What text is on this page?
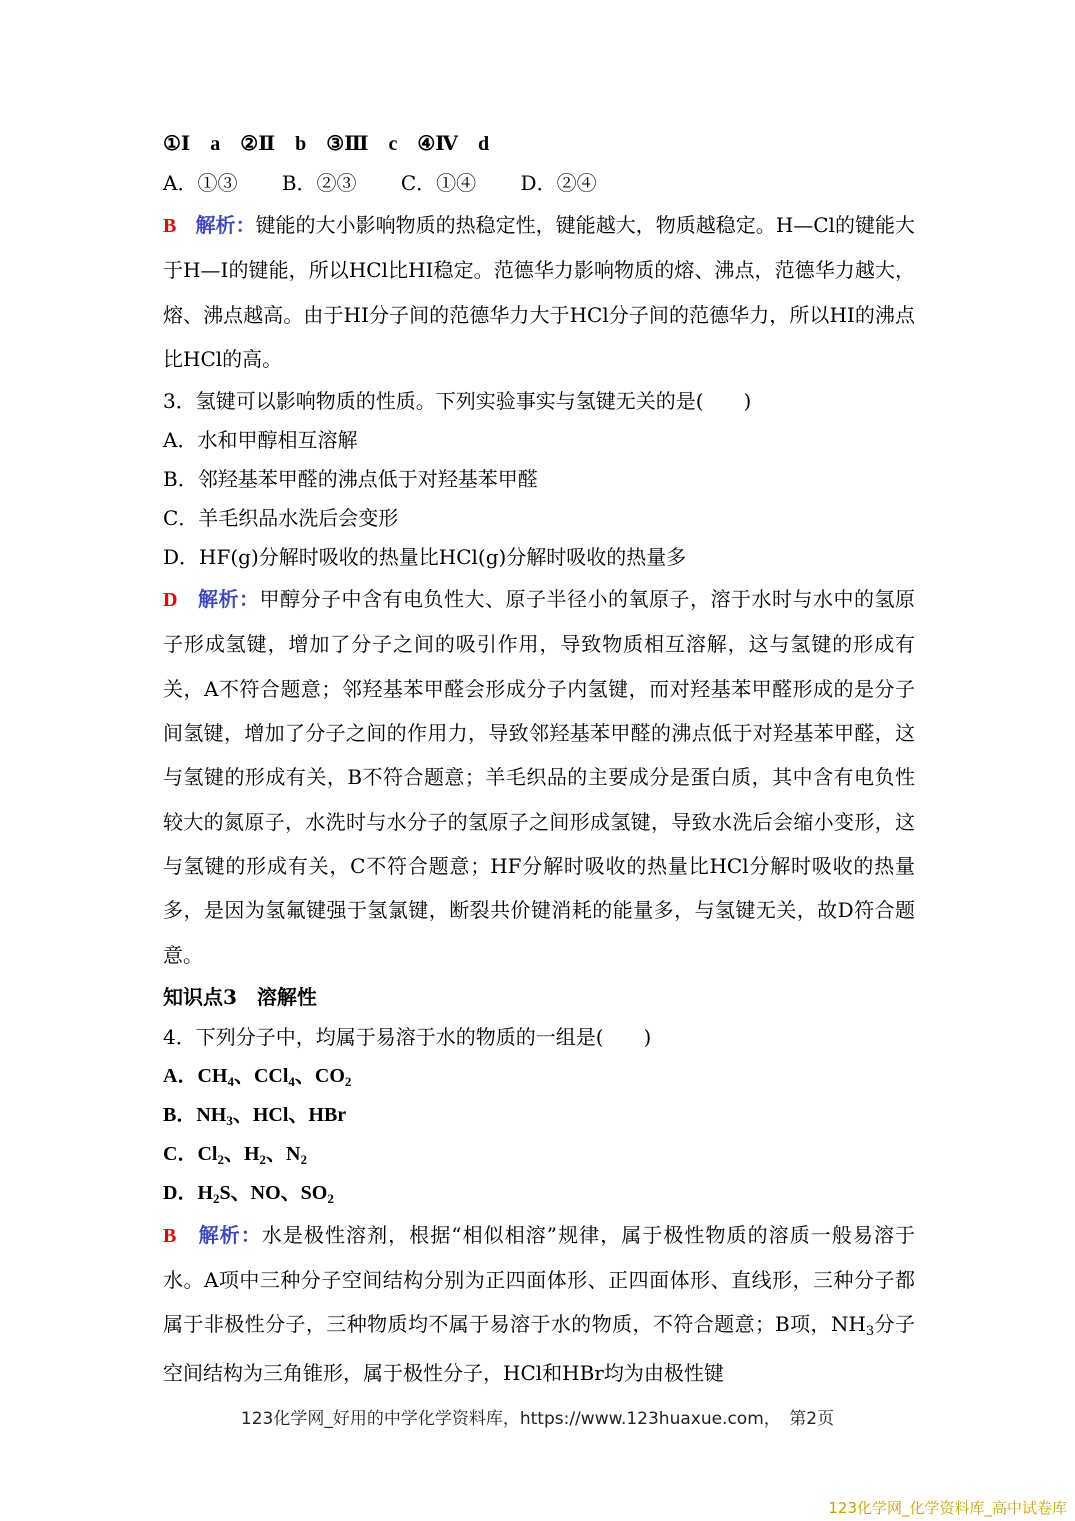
①Ⅰ　a　②Ⅱ　b　③Ⅲ　c　④Ⅳ　d
A．①③ B．②③ C．①④ D．②④
B 解析：键能的大小影响物质的热稳定性，键能越大，物质越稳定。H—Cl的键能大于H—I的键能，所以HCl比HI稳定。范德华力影响物质的熔、沸点，范德华力越大，熔、沸点越高。由于HI分子间的范德华力大于HCl分子间的范德华力，所以HI的沸点比HCl的高。
3．氢键可以影响物质的性质。下列实验事实与氢键无关的是(　　)
A．水和甲醇相互溶解
B．邻羟基苯甲醛的沸点低于对羟基苯甲醛
C．羊毛织品水洗后会变形
D．HF(g)分解时吸收的热量比HCl(g)分解时吸收的热量多
D 解析：甲醇分子中含有电负性大、原子半径小的氧原子，溶于水时与水中的氢原子形成氢键，增加了分子之间的吸引作用，导致物质相互溶解，这与氢键的形成有关，A不符合题意；邻羟基苯甲醛会形成分子内氢键，而对羟基苯甲醛形成的是分子间氢键，增加了分子之间的作用力，导致邻羟基苯甲醛的沸点低于对羟基苯甲醛，这与氢键的形成有关，B不符合题意；羊毛织品的主要成分是蛋白质，其中含有电负性较大的氮原子，水洗时与水分子的氢原子之间形成氢键，导致水洗后会缩小变形，这与氢键的形成有关，C不符合题意；HF分解时吸收的热量比HCl分解时吸收的热量多，是因为氢氟键强于氢氯键，断裂共价键消耗的能量多，与氢键无关，故D符合题意。
知识点3　溶解性
4．下列分子中，均属于易溶于水的物质的一组是(　　)
A．$CH_4$、CCl$_4$、$CO_2$
B．$NH_3$、HCl、HBr
C．$Cl_2$、$H_2$、$N_2$
D．$H_2S$、NO、$SO_2$
B 解析：水是极性溶剂，根据“相似相溶”规律，属于极性物质的溶质一般易溶于水。A项中三种分子空间结构分别为正四面体形、正四面体形、直线形，三种分子都属于非极性分子，三种物质均不属于易溶于水的物质，不符合题意；B项，$NH_3$分子空间结构为三角锥形，属于极性分子，HCl和HBr均为由极性键
123化学网_好用的中学化学资料库，https://www.123huaxue.com，　第2页
123化学网_化学资料库_高中试卷库
